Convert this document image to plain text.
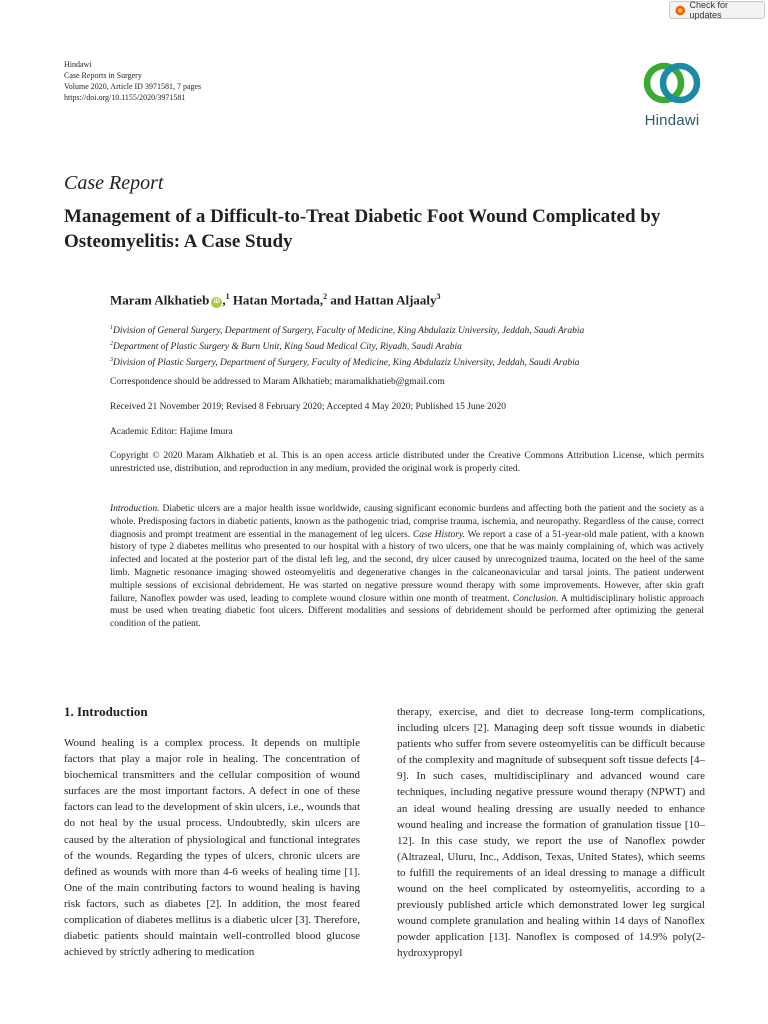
Check for updates
Hindawi
Case Reports in Surgery
Volume 2020, Article ID 3971581, 7 pages
https://doi.org/10.1155/2020/3971581
Hindawi
Case Report
Management of a Difficult-to-Treat Diabetic Foot Wound Complicated by Osteomyelitis: A Case Study
Maram Alkhatieb iD ,$^1$ Hatan Mortada,$^2$ and Hattan Aljaaly$^3$
$^1$Division of General Surgery, Department of Surgery, Faculty of Medicine, King Abdulaziz University, Jeddah, Saudi Arabia
$^2$Department of Plastic Surgery & Burn Unit, King Saud Medical City, Riyadh, Saudi Arabia
$^3$Division of Plastic Surgery, Department of Surgery, Faculty of Medicine, King Abdulaziz University, Jeddah, Saudi Arabia
Correspondence should be addressed to Maram Alkhatieb; maramalkhatieb@gmail.com
Received 21 November 2019; Revised 8 February 2020; Accepted 4 May 2020; Published 15 June 2020
Academic Editor: Hajime Imura

Copyright © 2020 Maram Alkhatieb et al. This is an open access article distributed under the Creative Commons Attribution License, which permits unrestricted use, distribution, and reproduction in any medium, provided the original work is properly cited.

Introduction. Diabetic ulcers are a major health issue worldwide, causing significant economic burdens and affecting both the patient and the society as a whole. Predisposing factors in diabetic patients, known as the pathogenic triad, comprise trauma, ischemia, and neuropathy. Regardless of the cause, correct diagnosis and prompt treatment are essential in the management of leg ulcers. Case History. We report a case of a 51-year-old male patient, with a known history of type 2 diabetes mellitus who presented to our hospital with a history of two ulcers, one that he was mainly complaining of, which was actively infected and located at the posterior part of the distal left leg, and the second, dry ulcer caused by unrecognized trauma, located on the heel of the same limb. Magnetic resonance imaging showed osteomyelitis and degenerative changes in the calcaneonavicular and tarsal joints. The patient underwent multiple sessions of excisional debridement. He was started on negative pressure wound therapy with some improvements. However, after skin graft failure, Nanoflex powder was used, leading to complete wound closure within one month of treatment. Conclusion. A multidisciplinary holistic approach must be used when treating diabetic foot ulcers. Different modalities and sessions of debridement should be performed after optimizing the general condition of the patient.

1. Introduction

Wound healing is a complex process. It depends on multiple factors that play a major role in healing. The concentration of biochemical transmitters and the cellular composition of wound surfaces are the most important factors. A defect in one of these factors can lead to the development of skin ulcers, i.e., wounds that do not heal by the usual process. Undoubtedly, skin ulcers are caused by the alteration of physiological and functional integrates of the wounds. Regarding the types of ulcers, chronic ulcers are defined as wounds with more than 4-6 weeks of healing time [1]. One of the main contributing factors to wound healing is having risk factors, such as diabetes [2]. In addition, the most feared complication of diabetes mellitus is a diabetic ulcer [3]. Therefore, diabetic patients should maintain well-controlled blood glucose achieved by strictly adhering to medication

therapy, exercise, and diet to decrease long-term complications, including ulcers [2]. Managing deep soft tissue wounds in diabetic patients who suffer from severe osteomyelitis can be difficult because of the complexity and magnitude of subsequent soft tissue defects [4–9]. In such cases, multidisciplinary and advanced wound care techniques, including negative pressure wound therapy (NPWT) and an ideal wound healing dressing are usually needed to enhance wound healing and increase the formation of granulation tissue [10–12]. In this case study, we report the use of Nanoflex powder (Altrazeal, Uluru, Inc., Addison, Texas, United States), which seems to fulfill the requirements of an ideal dressing to manage a difficult wound on the heel complicated by osteomyelitis, according to a previously published article which demonstrated lower leg surgical wound complete granulation and healing within 14 days of Nanoflex powder application [13]. Nanoflex is composed of 14.9% poly(2-hydroxypropyl
